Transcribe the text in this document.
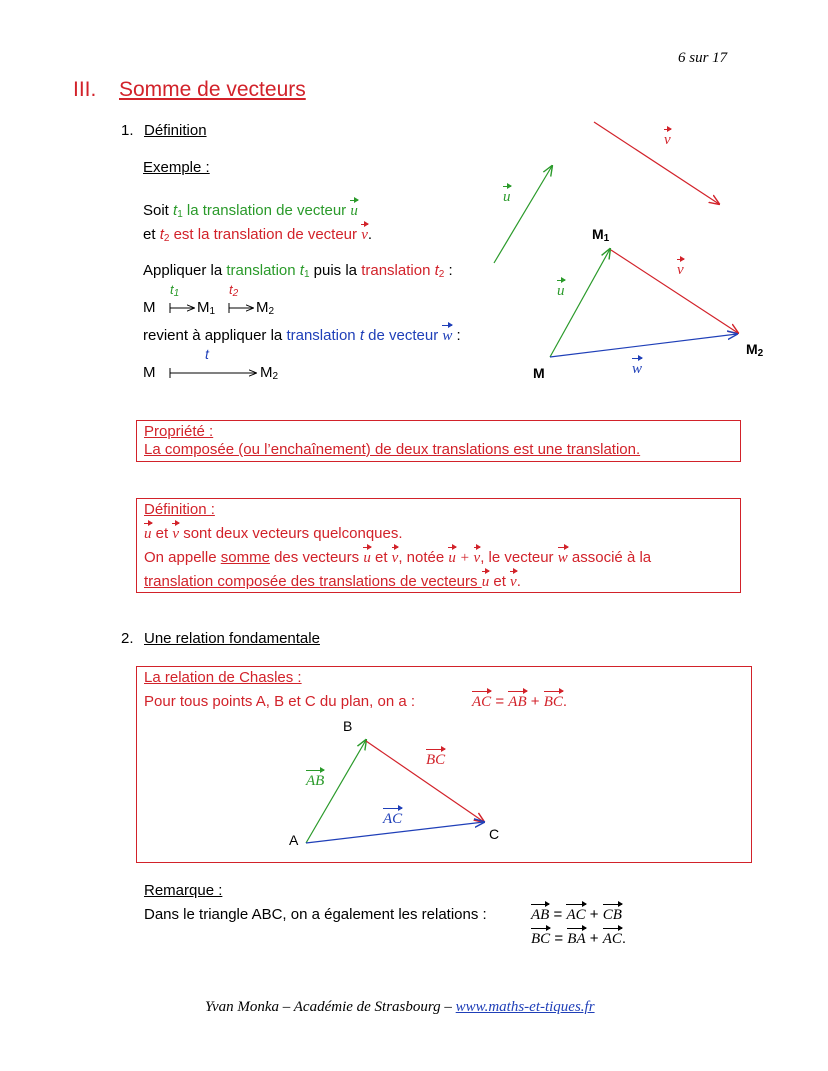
6 sur 17
III. Somme de vecteurs
1. Définition
Exemple :
Soit $t_1$ la translation de vecteur u
et $t_2$ est la translation de vecteur v.
Appliquer la translation $t_1$ puis la translation $t_2$ :
$t_1$	$t_2$
M	$M_1$	$M_2$
revient à appliquer la translation t de vecteur w :
t
M	$M_2$
u
v
u
v
w
M
$M_1$
$M_2$
Propriété :
La composée (ou l’enchaînement) de deux translations est une translation.
Définition :
u et v sont deux vecteurs quelconques.
On appelle somme des vecteurs u et v, notée u + v, le vecteur w associé à la
translation composée des translations de vecteurs u et v.
2. Une relation fondamentale
La relation de Chasles :
Pour tous points A, B et C du plan, on a :	AC = AB + BC.
B
A	C
AB
BC
AC
Remarque :
Dans le triangle ABC, on a également les relations :	AB = AC + CB
BC = BA + AC.
Yvan Monka – Académie de Strasbourg – www.maths-et-tiques.fr
